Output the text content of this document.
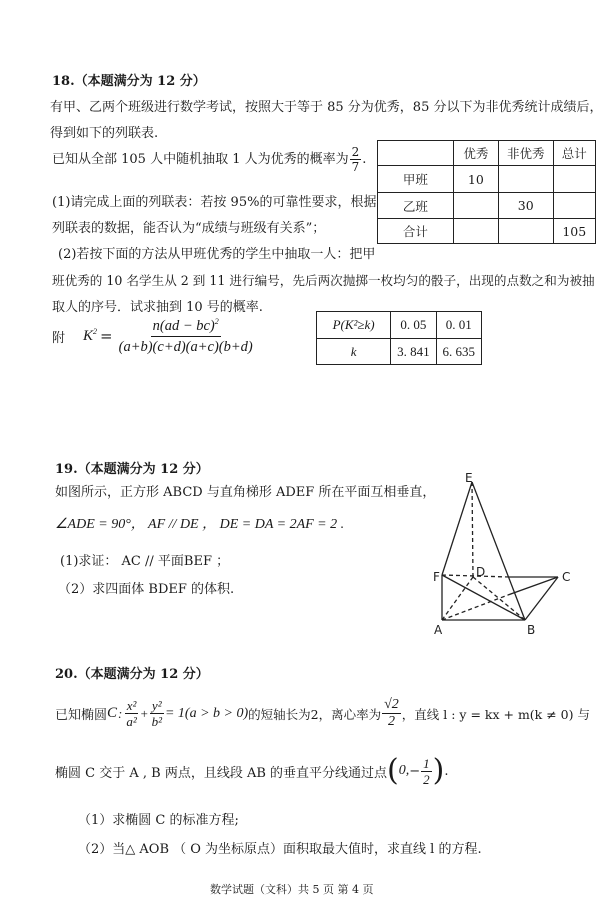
18.（本题满分为 12 分）
有甲、乙两个班级进行数学考试，按照大于等于 85 分为优秀，85 分以下为非优秀统计成绩后，
得到如下的列联表.
已知从全部 105 人中随机抽取 1 人为优秀的概率为 $\frac{2}{7}$ .
(1)请完成上面的列联表：若按 95%的可靠性要求，根据
列联表的数据，能否认为“成绩与班级有关系”；
(2)若按下面的方法从甲班优秀的学生中抽取一人：把甲
班优秀的 10 名学生从 2 到 11 进行编号，先后两次抛掷一枚均匀的骰子，出现的点数之和为被抽
取人的序号．试求抽到 10 号的概率.
	优秀	非优秀	总计
甲班	10		
乙班		30	
合计			105
附 $K^2 = \frac{n(ad - bc)^2}{(a+b)(c+d)(a+c)(b+d)}$	P(K²≥k)	0. 05	0. 01
k	3. 841	6. 635
19.（本题满分为 12 分）
如图所示，正方形 ABCD 与直角梯形 ADEF 所在平面互相垂直，
∠ADE = 90°， AF // DE ， DE = DA = 2AF = 2 .
(1)求证： AC // 平面BEF ；
（2）求四面体 BDEF 的体积.
E
D
F	C
A	B
20.（本题满分为 12 分）
已知椭圆 C : $\frac{\text{x²}}{\text{a²}} + \frac{\text{y²}}{\text{b²}} = 1(a > b > 0)$ 的短轴长为2，离心率为 $\frac{√2}{2}$ ，直线 l : y = kx + m(k ≠ 0) 与
椭圆 C 交于 A , B 两点，且线段 AB 的垂直平分线通过点 ( 0, − $\frac{1}{2}$ ) .
（1）求椭圆 C 的标准方程;
（2）当△ AOB （ O 为坐标原点）面积取最大值时，求直线 l 的方程.
数学试题（文科）共 5 页 第 4 页
